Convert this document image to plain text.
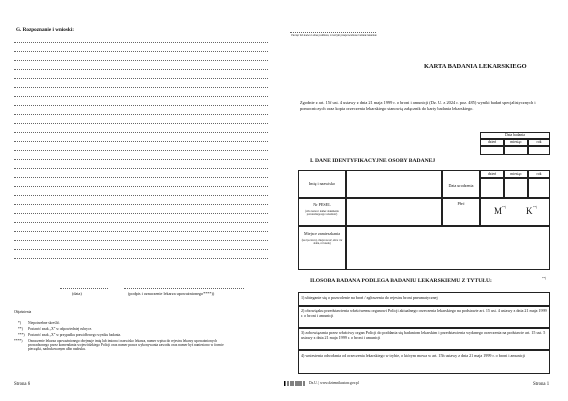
G. Rozpoznanie i wnioski:
(data)	(podpis i oznaczenie lekarza upoważnionego****))
Objaśnienia
*) Niepotrzebne skreślić.
**) Postawić znak „X” w odpowiedniej rubryce.
***) Postawić znak „X” w przypadku prawidłowego wyniku badania.
****) Oznaczenie lekarza upoważnionego obejmuje imię lub imiona i nazwisko lekarza, numer wpisu do rejestru lekarzy upoważnionych prowadzonego przez komendanta wojewódzkiego Policji oraz numer prawa wykonywania zawodu oraz numer byś naniesiono w formie pieczątki, nadrukowanym albo nadruku.
Strona 6
Pieczęć lub nazwa i adres podmiotu, w którym przeprowadzono badanie lekarskie
KARTA BADANIA LEKARSKIEGO
Zgodnie z art. 15f ust. 4 ustawy z dnia 21 maja 1999 r. o broni i amunicji (Dz. U. z 2024 r. poz. 485) wyniki badań specjalistycznych i pomocniczych oraz kopia orzeczenia lekarskiego stanowią załącznik do karty badania lekarskiego.
Data badania
dzień	miesiąc	rok
I. DANE IDENTYFIKACYJNE OSOBY BADANEJ
Imię i nazwisko	Data urodzenia
dzień	miesiąc	rok
Nr PESEL
(albo nazwa i numer dokumentu potwierdzającego tożsamość)
Płeć
M **) K **)
Miejsce zamieszkania
(kod pocztowy, miejscowość, ulica i nr domu, nr lokalu)
II.OSOBA BADANA PODLEGA BADANIU LEKARSKIEMU Z TYTUŁU:	**)
1) ubieganie się o pozwolenie na broń / zgłoszenia do rejestru broni pneumatycznej
2) obowiązku przedstawienia właściwemu organowi Policji aktualnego orzeczenia lekarskiego na podstawie art. 15 ust. 4 ustawy z dnia 21 maja 1999 r. o broni i amunicji
3) zobowiązania przez właściwy organ Policji do poddania się badaniom lekarskim i przedstawienia wydanego orzeczenia na podstawie art. 15 ust. 5 ustawy z dnia 21 maja 1999 r. o broni i amunicji
4) wniesienia odwołania od orzeczenia lekarskiego w trybie, o którym mowa w art. 15h ustawy z dnia 21 maja 1999 r. o broni i amunicji
Dz.U. | www.dziennikustaw.gov.pl	Strona 1
